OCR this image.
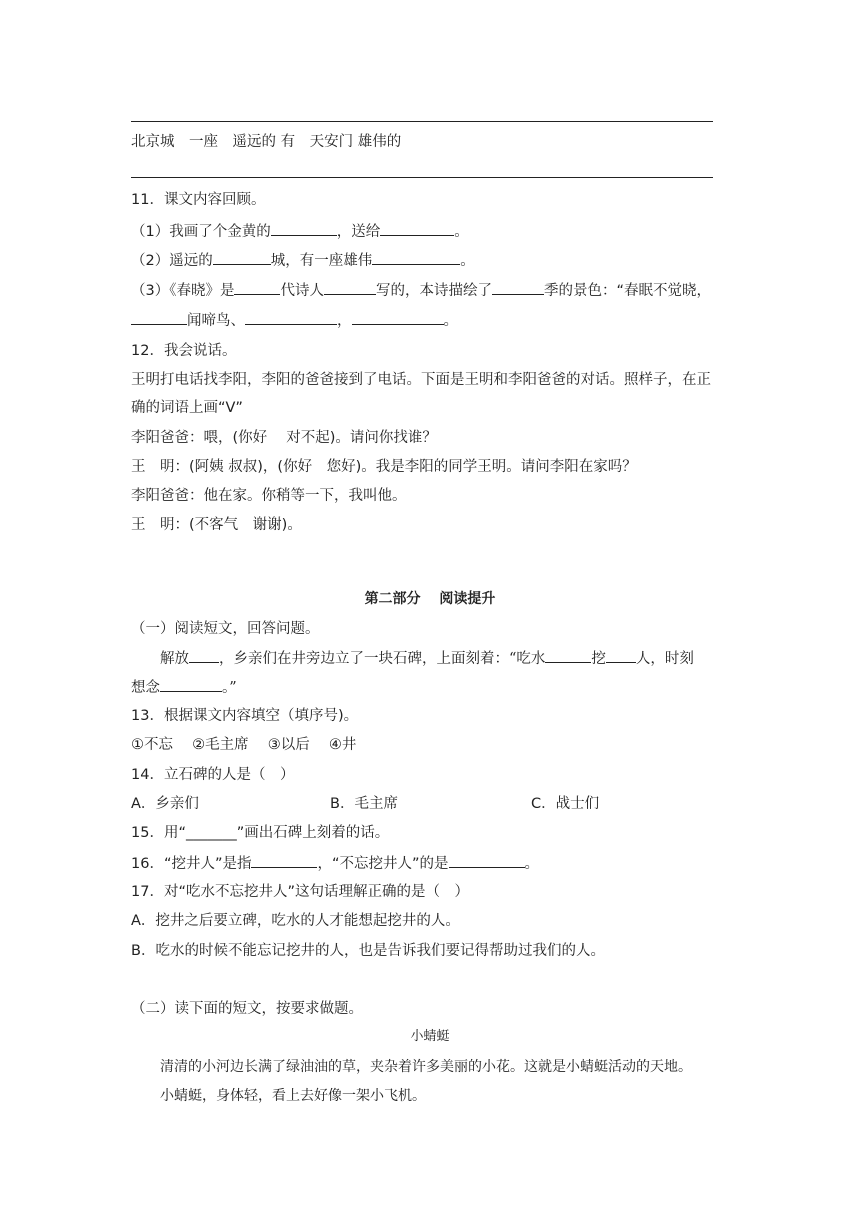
北京城　一座　遥远的 有　天安门 雄伟的
11．课文内容回顾。
（1）我画了个金黄的	，送给	。
（2）遥远的	城，有一座雄伟	。
（3）《春晓》是	代诗人	写的，本诗描绘了	季的景色：“春眠不觉晓，
闻啼鸟、	，	。
12．我会说话。
王明打电话找李阳，李阳的爸爸接到了电话。下面是王明和李阳爸爸的对话。照样子，在正
确的词语上画“V”
李阳爸爸：喂，(你好　 对不起)。请问你找谁？
王　明：(阿姨 叔叔)，(你好　您好)。我是李阳的同学王明。请问李阳在家吗？
李阳爸爸：他在家。你稍等一下，我叫他。
王　明：(不客气　谢谢)。
第二部分　 阅读提升
（一）阅读短文，回答问题。
解放 ，乡亲们在井旁边立了一块石碑，上面刻着：“吃水	挖 人，时刻
想念	。”
13．根据课文内容填空（填序号)。
①不忘　 ②毛主席　 ③以后　 ④井
14．立石碑的人是（　）
A．乡亲们	B．毛主席	C．战士们
15．用“_______”画出石碑上刻着的话。
16．“挖井人”是指	，“不忘挖井人”的是	。
17．对“吃水不忘挖井人”这句话理解正确的是（　）
A．挖井之后要立碑，吃水的人才能想起挖井的人。
B．吃水的时候不能忘记挖井的人，也是告诉我们要记得帮助过我们的人。
（二）读下面的短文，按要求做题。
小蜻蜓
清清的小河边长满了绿油油的草，夹杂着许多美丽的小花。这就是小蜻蜓活动的天地。
小蜻蜓，身体轻，看上去好像一架小飞机。
